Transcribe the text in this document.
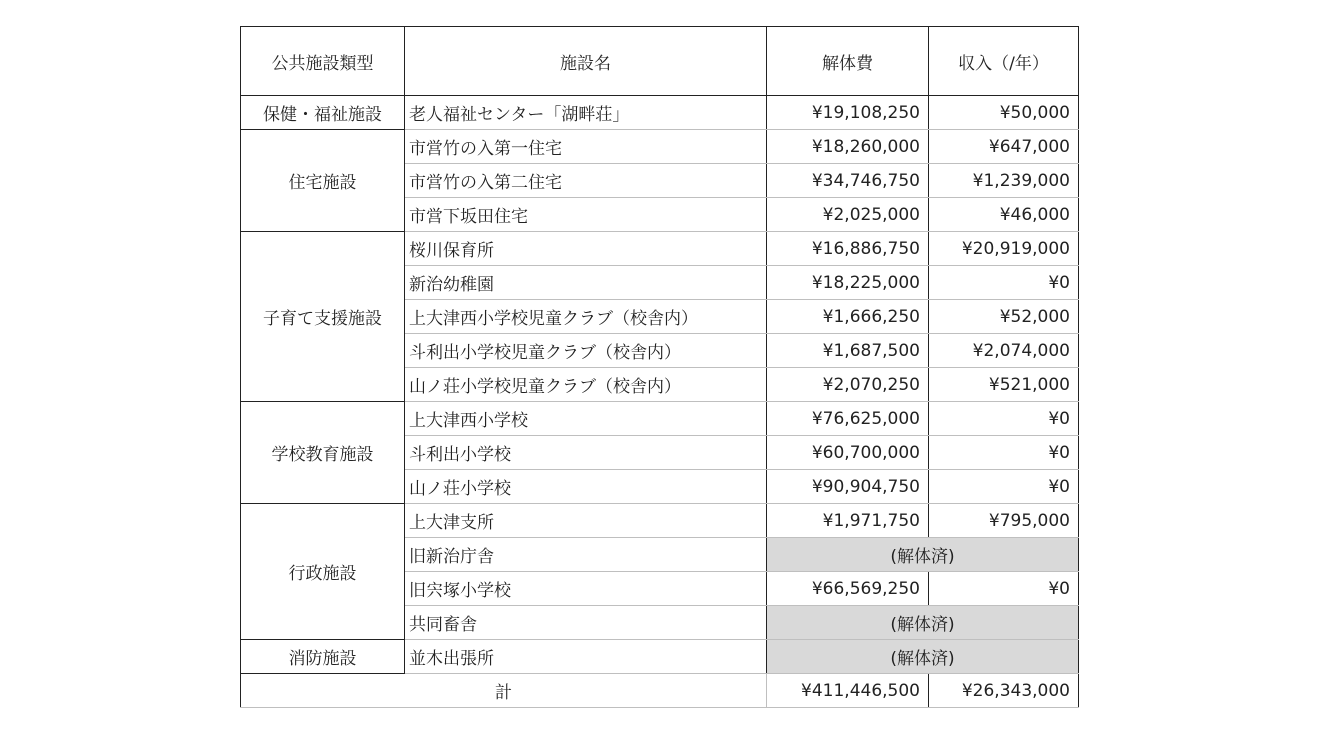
公共施設類型	施設名	解体費	収入（/年）
保健・福祉施設	老人福祉センター「湖畔荘」	¥19,108,250	¥50,000
住宅施設	市営竹の入第一住宅	¥18,260,000	¥647,000
	市営竹の入第二住宅	¥34,746,750	¥1,239,000
	市営下坂田住宅	¥2,025,000	¥46,000
子育て支援施設	桜川保育所	¥16,886,750	¥20,919,000
	新治幼稚園	¥18,225,000	¥0
	上大津西小学校児童クラブ（校舎内）	¥1,666,250	¥52,000
	斗利出小学校児童クラブ（校舎内）	¥1,687,500	¥2,074,000
	山ノ荘小学校児童クラブ（校舎内）	¥2,070,250	¥521,000
学校教育施設	上大津西小学校	¥76,625,000	¥0
	斗利出小学校	¥60,700,000	¥0
	山ノ荘小学校	¥90,904,750	¥0
行政施設	上大津支所	¥1,971,750	¥795,000
	旧新治庁舎	(解体済)	
	旧宍塚小学校	¥66,569,250	¥0
	共同畜舎	(解体済)	
消防施設	並木出張所	(解体済)	
計		¥411,446,500	¥26,343,000
